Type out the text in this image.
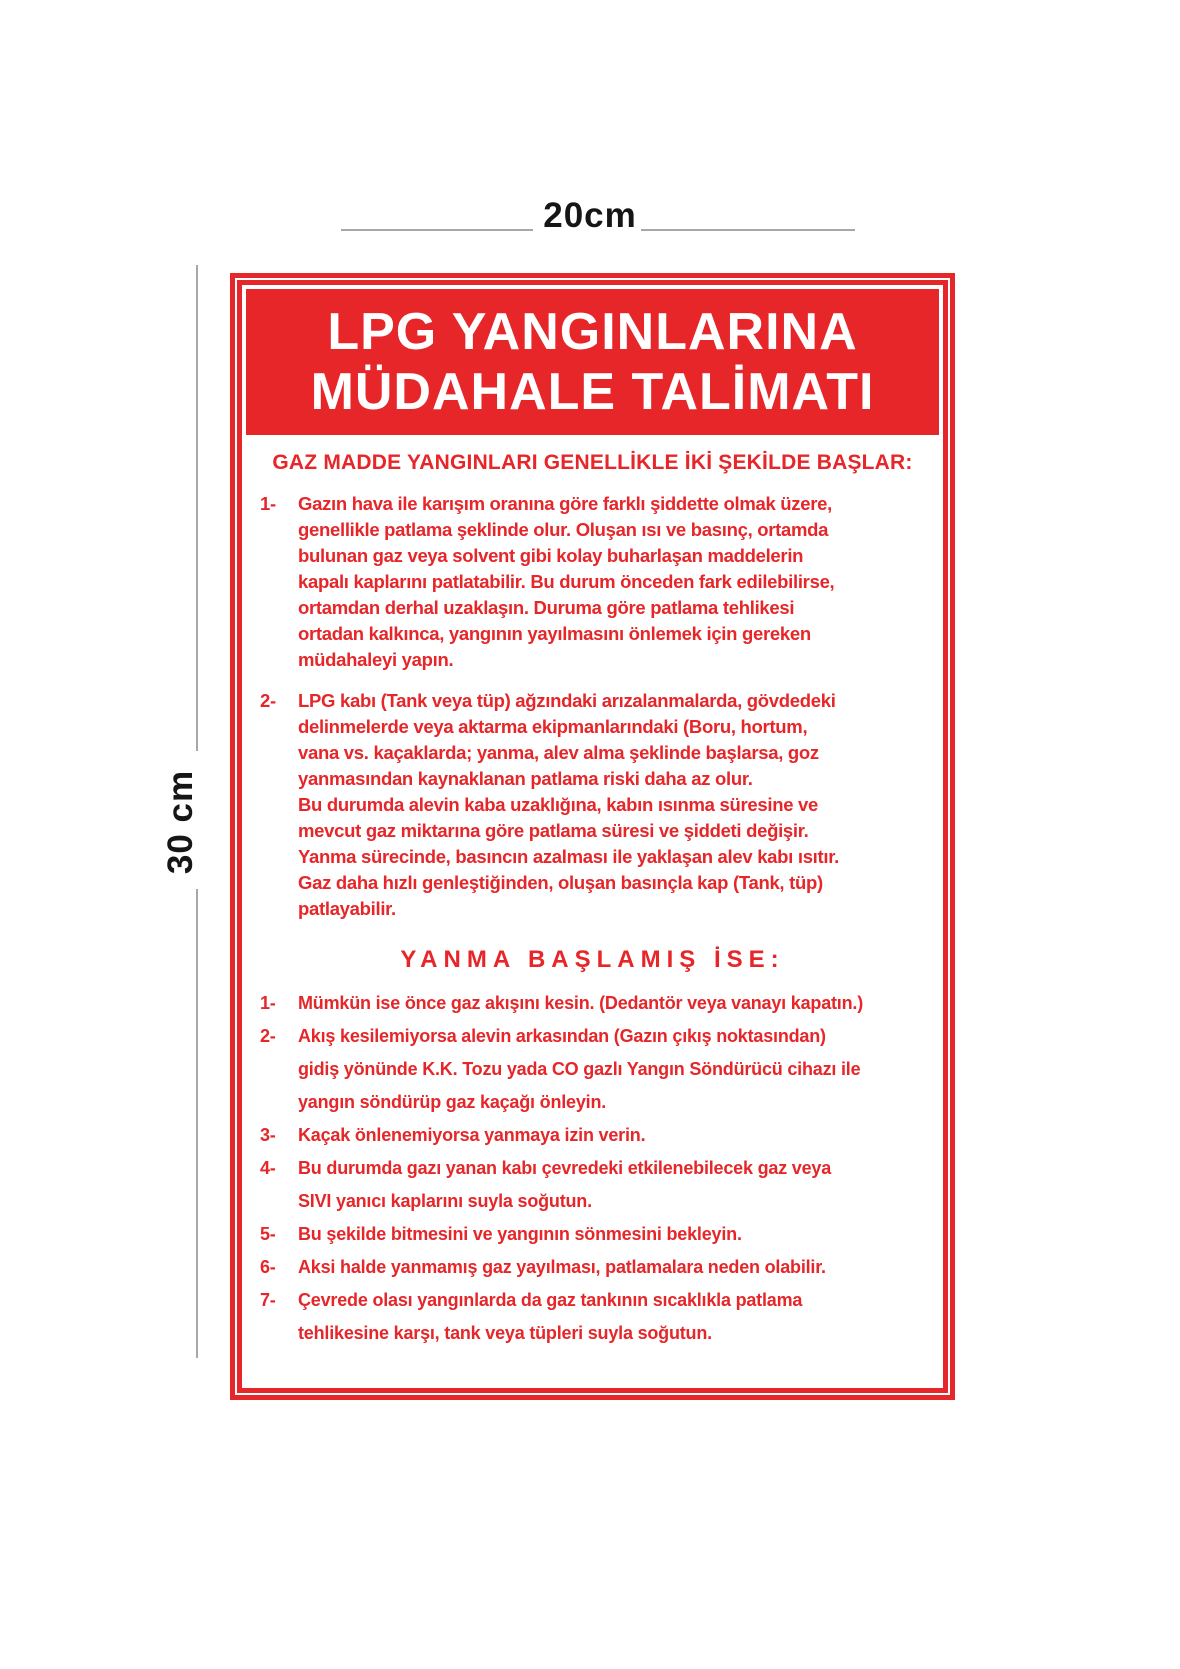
20cm
30 cm
LPG YANGINLARINA
MÜDAHALE TALİMATI
GAZ MADDE YANGINLARI GENELLİKLE İKİ ŞEKİLDE BAŞLAR:
1-	Gazın hava ile karışım oranına göre farklı şiddette olmak üzere,
genellikle patlama şeklinde olur. Oluşan ısı ve basınç, ortamda
bulunan gaz veya solvent gibi kolay buharlaşan maddelerin
kapalı kaplarını patlatabilir. Bu durum önceden fark edilebilirse,
ortamdan derhal uzaklaşın. Duruma göre patlama tehlikesi
ortadan kalkınca, yangının yayılmasını önlemek için gereken
müdahaleyi yapın.
2-	LPG kabı (Tank veya tüp) ağzındaki arızalanmalarda, gövdedeki
delinmelerde veya aktarma ekipmanlarındaki (Boru, hortum,
vana vs. kaçaklarda; yanma, alev alma şeklinde başlarsa, goz
yanmasından kaynaklanan patlama riski daha az olur.
Bu durumda alevin kaba uzaklığına, kabın ısınma süresine ve
mevcut gaz miktarına göre patlama süresi ve şiddeti değişir.
Yanma sürecinde, basıncın azalması ile yaklaşan alev kabı ısıtır.
Gaz daha hızlı genleştiğinden, oluşan basınçla kap (Tank, tüp)
patlayabilir.
YANMA BAŞLAMIŞ İSE:
1-	Mümkün ise önce gaz akışını kesin. (Dedantör veya vanayı kapatın.)
2-	Akış kesilemiyorsa alevin arkasından (Gazın çıkış noktasından)
gidiş yönünde K.K. Tozu yada CO gazlı Yangın Söndürücü cihazı ile
yangın söndürüp gaz kaçağı önleyin.
3-	Kaçak önlenemiyorsa yanmaya izin verin.
4-	Bu durumda gazı yanan kabı çevredeki etkilenebilecek gaz veya
SIVI yanıcı kaplarını suyla soğutun.
5-	Bu şekilde bitmesini ve yangının sönmesini bekleyin.
6-	Aksi halde yanmamış gaz yayılması, patlamalara neden olabilir.
7-	Çevrede olası yangınlarda da gaz tankının sıcaklıkla patlama
tehlikesine karşı, tank veya tüpleri suyla soğutun.
